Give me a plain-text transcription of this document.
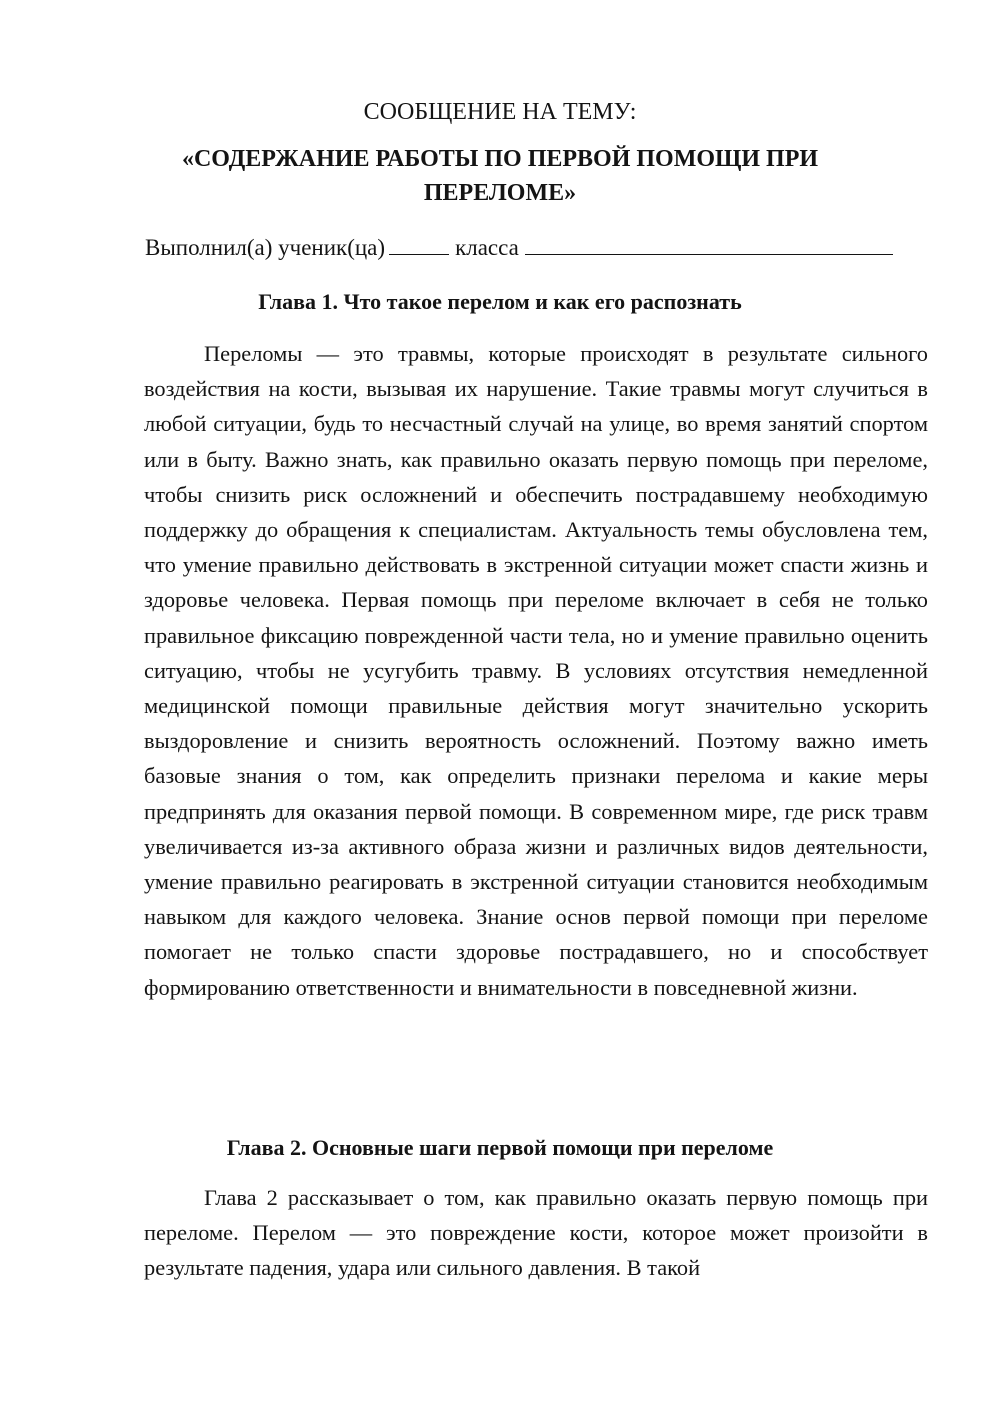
СООБЩЕНИЕ НА ТЕМУ:

«СОДЕРЖАНИЕ РАБОТЫ ПО ПЕРВОЙ ПОМОЩИ ПРИ ПЕРЕЛОМЕ»

Выполнил(а) ученик(ца)	класса
Глава 1. Что такое перелом и как его распознать

Переломы — это травмы, которые происходят в результате сильного воздействия на кости, вызывая их нарушение. Такие травмы могут случиться в любой ситуации, будь то несчастный случай на улице, во время занятий спортом или в быту. Важно знать, как правильно оказать первую помощь при переломе, чтобы снизить риск осложнений и обеспечить пострадавшему необходимую поддержку до обращения к специалистам. Актуальность темы обусловлена тем, что умение правильно действовать в экстренной ситуации может спасти жизнь и здоровье человека. Первая помощь при переломе включает в себя не только правильное фиксацию поврежденной части тела, но и умение правильно оценить ситуацию, чтобы не усугубить травму. В условиях отсутствия немедленной медицинской помощи правильные действия могут значительно ускорить выздоровление и снизить вероятность осложнений. Поэтому важно иметь базовые знания о том, как определить признаки перелома и какие меры предпринять для оказания первой помощи. В современном мире, где риск травм увеличивается из-за активного образа жизни и различных видов деятельности, умение правильно реагировать в экстренной ситуации становится необходимым навыком для каждого человека. Знание основ первой помощи при переломе помогает не только спасти здоровье пострадавшего, но и способствует формированию ответственности и внимательности в повседневной жизни.

Глава 2. Основные шаги первой помощи при переломе

Глава 2 рассказывает о том, как правильно оказать первую помощь при переломе. Перелом — это повреждение кости, которое может произойти в результате падения, удара или сильного давления. В такой
